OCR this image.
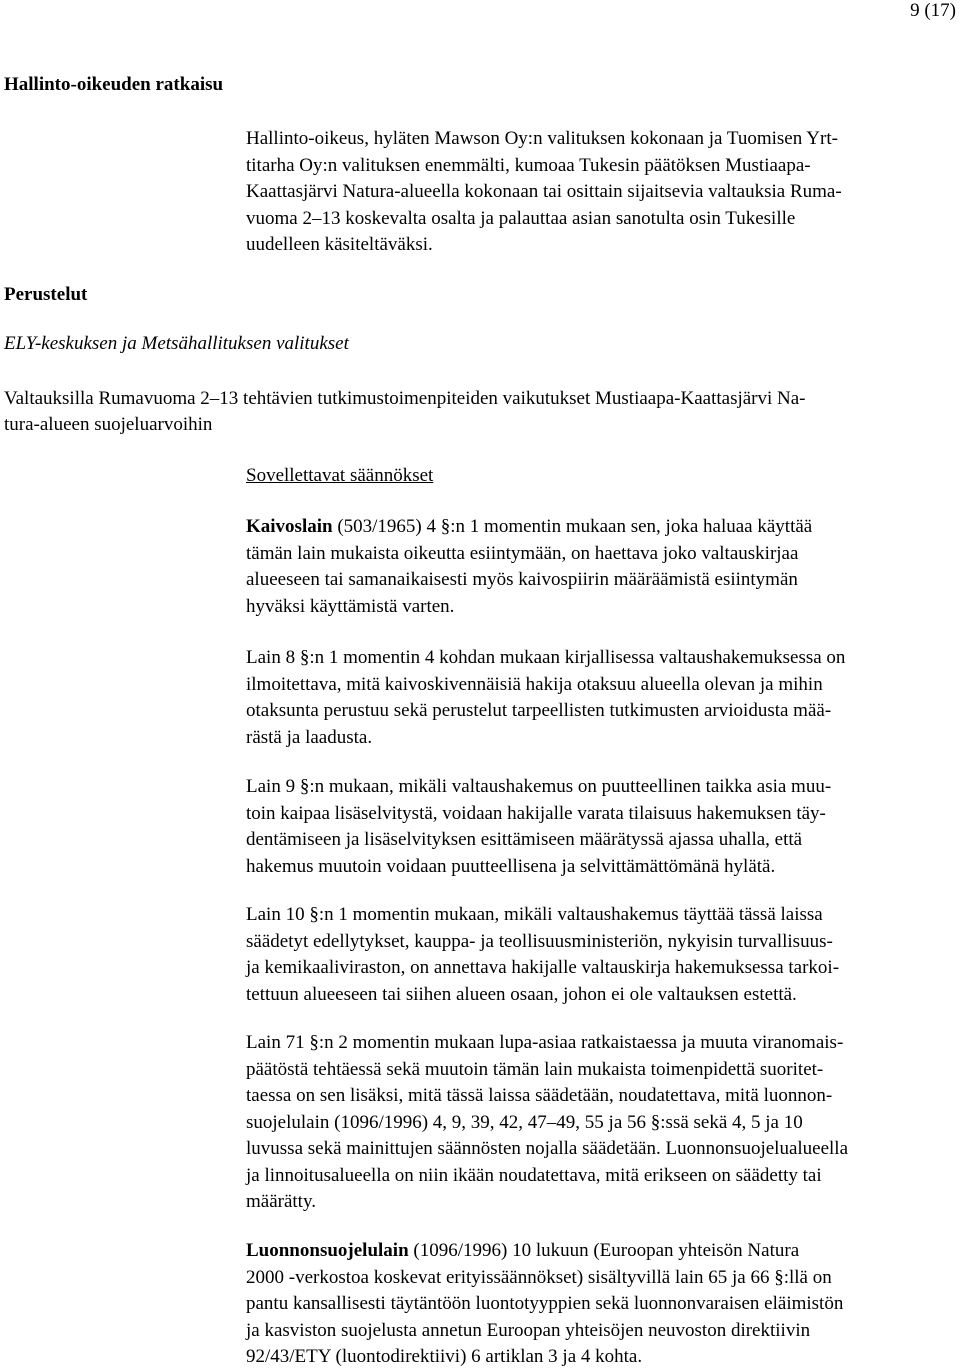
9 (17)
Hallinto-oikeuden ratkaisu
Hallinto-oikeus, hyläten Mawson Oy:n valituksen kokonaan ja Tuomisen Yrt-
titarha Oy:n valituksen enemmälti, kumoaa Tukesin päätöksen Mustiaapa-
Kaattasjärvi Natura-alueella kokonaan tai osittain sijaitsevia valtauksia Ruma-
vuoma 2–13 koskevalta osalta ja palauttaa asian sanotulta osin Tukesille
uudelleen käsiteltäväksi.
Perustelut
ELY-keskuksen ja Metsähallituksen valitukset
Valtauksilla Rumavuoma 2–13 tehtävien tutkimustoimenpiteiden vaikutukset Mustiaapa-Kaattasjärvi Na-
tura-alueen suojeluarvoihin
Sovellettavat säännökset
Kaivoslain (503/1965) 4 §:n 1 momentin mukaan sen, joka haluaa käyttää
tämän lain mukaista oikeutta esiintymään, on haettava joko valtauskirjaa
alueeseen tai samanaikaisesti myös kaivospiirin määräämistä esiintymän
hyväksi käyttämistä varten.
Lain 8 §:n 1 momentin 4 kohdan mukaan kirjallisessa valtaushakemuksessa on
ilmoitettava, mitä kaivoskivennäisiä hakija otaksuu alueella olevan ja mihin
otaksunta perustuu sekä perustelut tarpeellisten tutkimusten arvioidusta mää-
rästä ja laadusta.
Lain 9 §:n mukaan, mikäli valtaushakemus on puutteellinen taikka asia muu-
toin kaipaa lisäselvitystä, voidaan hakijalle varata tilaisuus hakemuksen täy-
dentämiseen ja lisäselvityksen esittämiseen määrätyssä ajassa uhalla, että
hakemus muutoin voidaan puutteellisena ja selvittämättömänä hylätä.
Lain 10 §:n 1 momentin mukaan, mikäli valtaushakemus täyttää tässä laissa
säädetyt edellytykset, kauppa- ja teollisuusministeriön, nykyisin turvallisuus-
ja kemikaaliviraston, on annettava hakijalle valtauskirja hakemuksessa tarkoi-
tettuun alueeseen tai siihen alueen osaan, johon ei ole valtauksen estettä.
Lain 71 §:n 2 momentin mukaan lupa-asiaa ratkaistaessa ja muuta viranomais-
päätöstä tehtäessä sekä muutoin tämän lain mukaista toimenpidettä suoritet-
taessa on sen lisäksi, mitä tässä laissa säädetään, noudatettava, mitä luonnon-
suojelulain (1096/1996) 4, 9, 39, 42, 47–49, 55 ja 56 §:ssä sekä 4, 5 ja 10
luvussa sekä mainittujen säännösten nojalla säädetään. Luonnonsuojelualueella
ja linnoitusalueella on niin ikään noudatettava, mitä erikseen on säädetty tai
määrätty.
Luonnonsuojelulain (1096/1996) 10 lukuun (Euroopan yhteisön Natura
2000 -verkostoa koskevat erityissäännökset) sisältyvillä lain 65 ja 66 §:llä on
pantu kansallisesti täytäntöön luontotyyppien sekä luonnonvaraisen eläimistön
ja kasviston suojelusta annetun Euroopan yhteisöjen neuvoston direktiivin
92/43/ETY (luontodirektiivi) 6 artiklan 3 ja 4 kohta.
